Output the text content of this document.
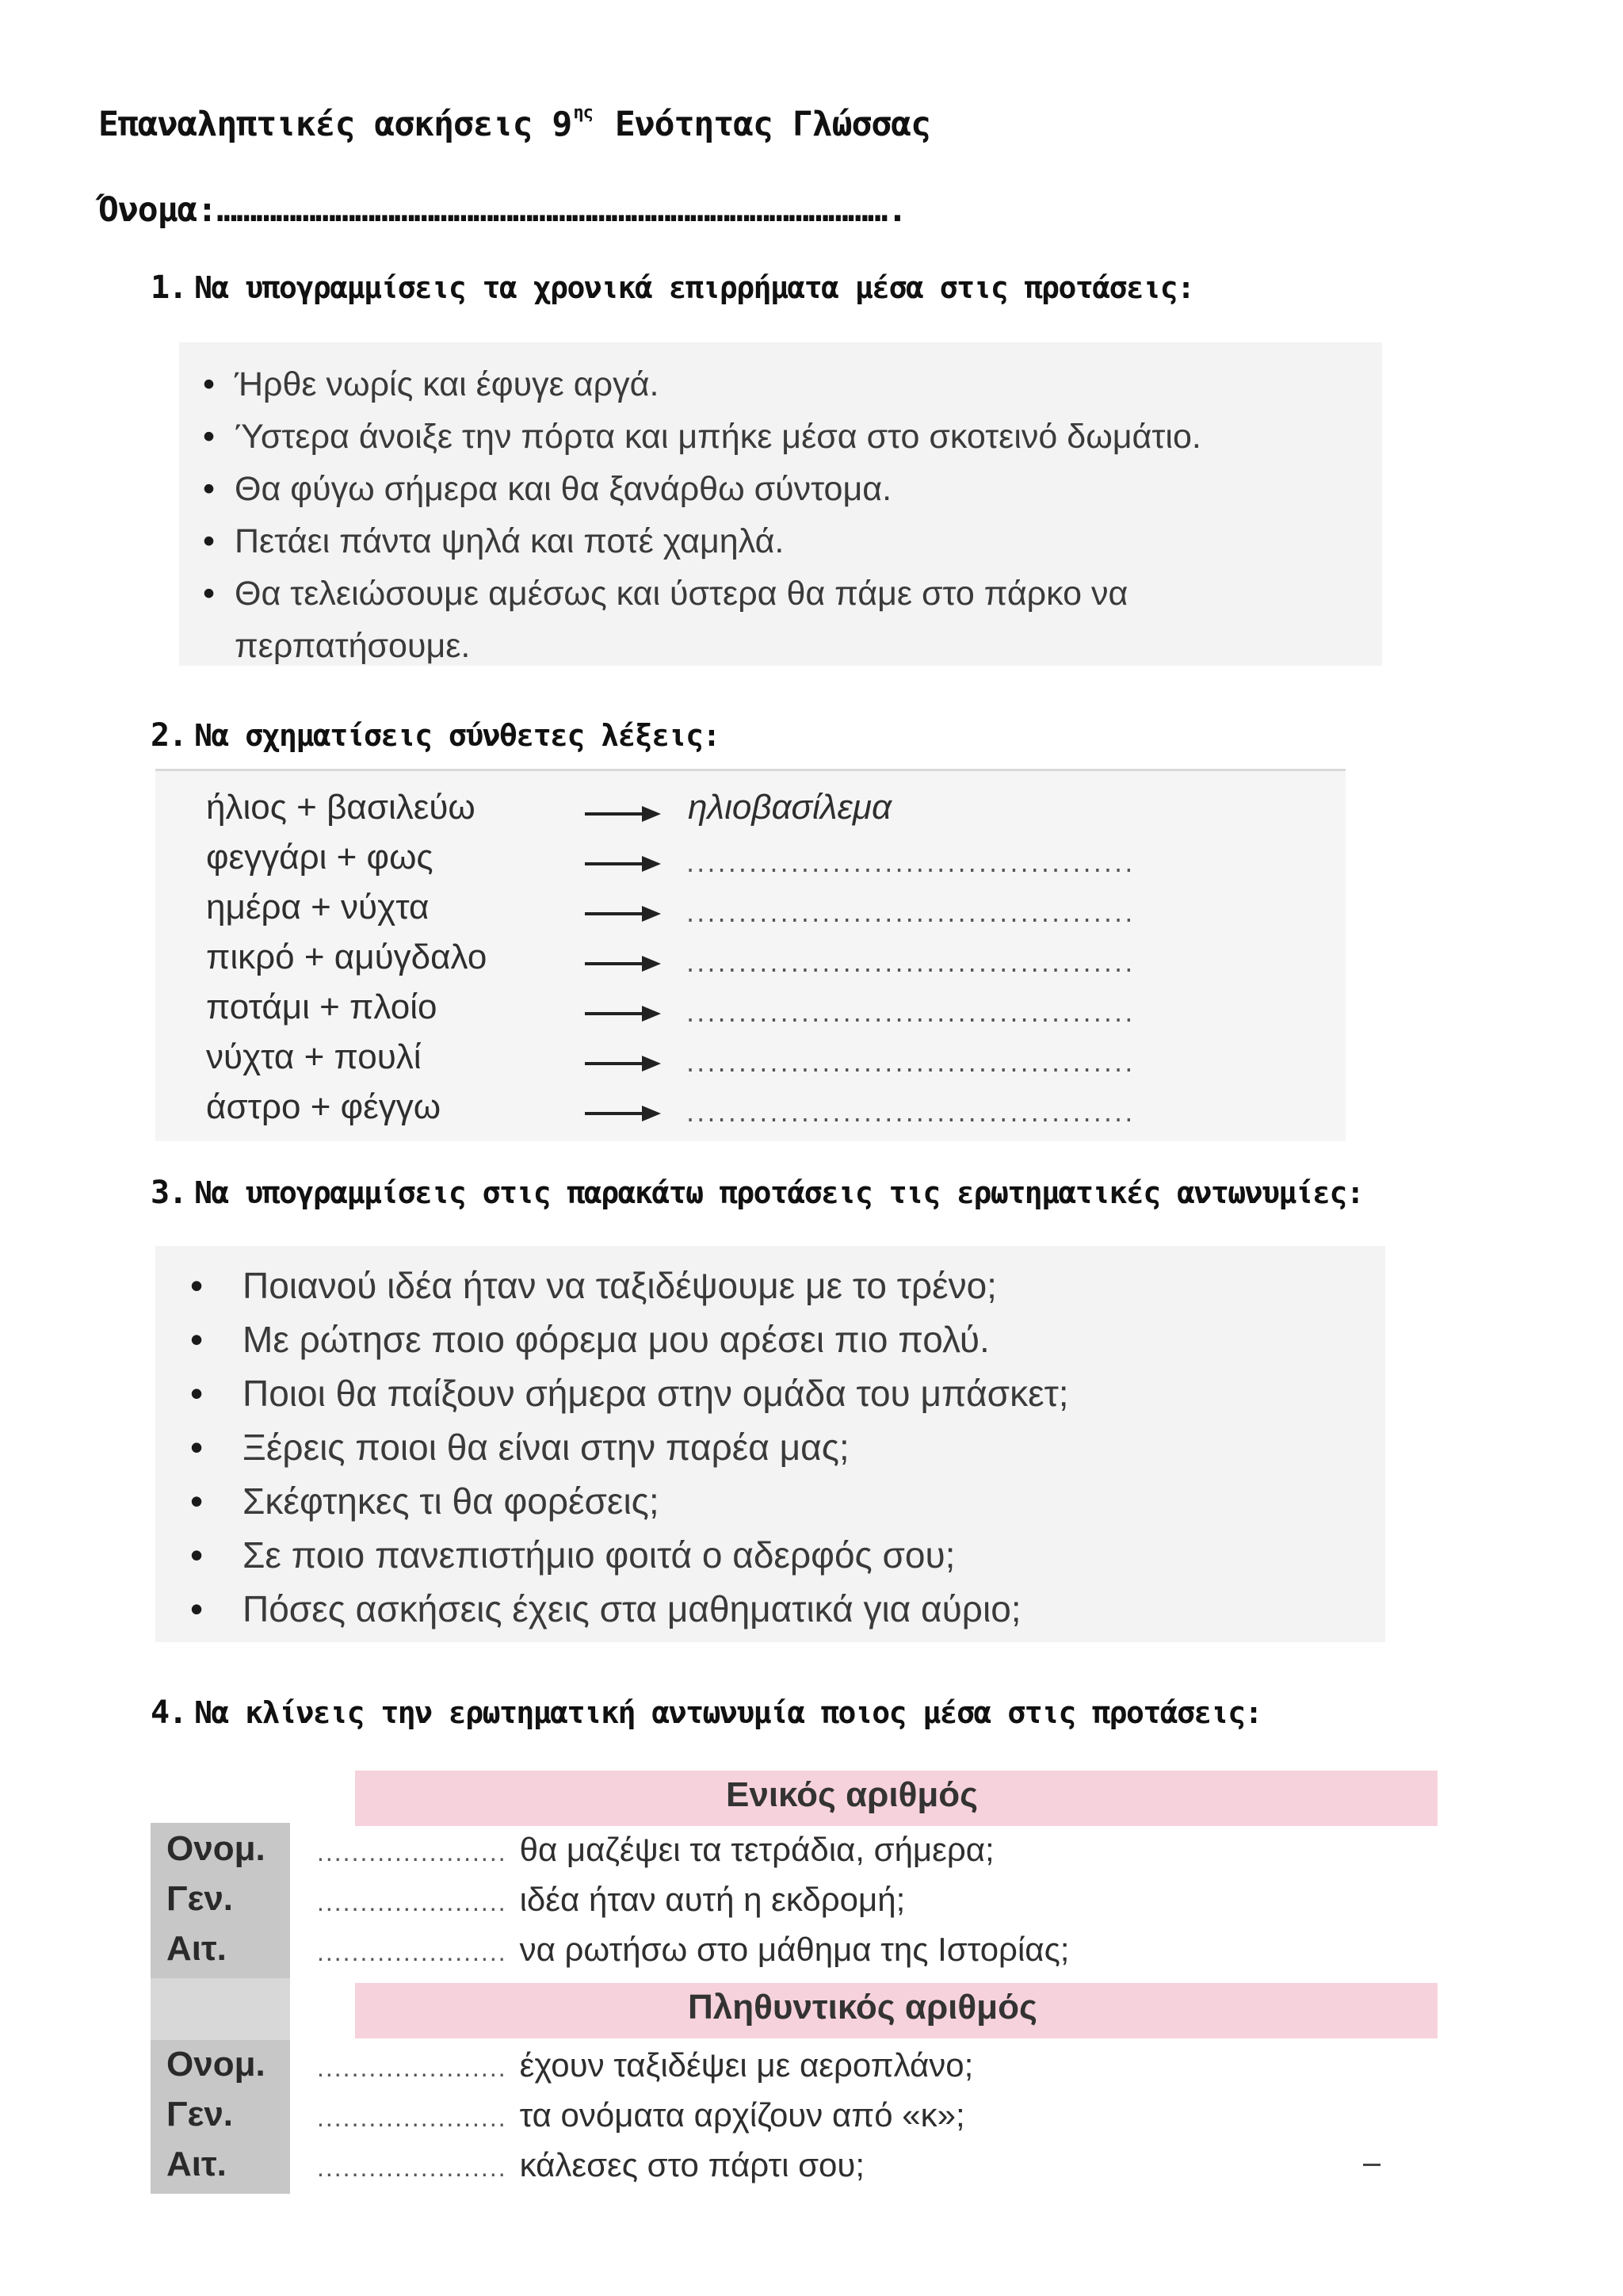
Επαναληπτικές ασκήσεις $9^{\eta\varsigma}$ Ενότητας Γλώσσας
Όνομα:………………………………………………………………………………………….
1. Να υπογραμμίσεις τα χρονικά επιρρήματα μέσα στις προτάσεις:
• Ήρθε νωρίς και έφυγε αργά.
• Ύστερα άνοιξε την πόρτα και μπήκε μέσα στο σκοτεινό δωμάτιο.
• Θα φύγω σήμερα και θα ξανάρθω σύντομα.
• Πετάει πάντα ψηλά και ποτέ χαμηλά.
• Θα τελειώσουμε αμέσως και ύστερα θα πάμε στο πάρκο να
περπατήσουμε.
2. Να σχηματίσεις σύνθετες λέξεις:
ήλιος + βασιλεύω	ηλιοβασίλεμα
φεγγάρι + φως	...........................................
ημέρα + νύχτα	...........................................
πικρό + αμύγδαλο	...........................................
ποτάμι + πλοίο	...........................................
νύχτα + πουλί	...........................................
άστρο + φέγγω	...........................................
3. Να υπογραμμίσεις στις παρακάτω προτάσεις τις ερωτηματικές αντωνυμίες:
• Ποιανού ιδέα ήταν να ταξιδέψουμε με το τρένο;
• Με ρώτησε ποιο φόρεμα μου αρέσει πιο πολύ.
• Ποιοι θα παίξουν σήμερα στην ομάδα του μπάσκετ;
• Ξέρεις ποιοι θα είναι στην παρέα μας;
• Σκέφτηκες τι θα φορέσεις;
• Σε ποιο πανεπιστήμιο φοιτά ο αδερφός σου;
• Πόσες ασκήσεις έχεις στα μαθηματικά για αύριο;
4. Να κλίνεις την ερωτηματική αντωνυμία ποιος μέσα στις προτάσεις:
Ενικός αριθμός
Ονομ. ...................... θα μαζέψει τα τετράδια, σήμερα;
Γεν.	...................... ιδέα ήταν αυτή η εκδρομή;
Αιτ.	...................... να ρωτήσω στο μάθημα της Ιστορίας;
Πληθυντικός αριθμός
Ονομ. ...................... έχουν ταξιδέψει με αεροπλάνο;
Γεν.	...................... τα ονόματα αρχίζουν από «κ»;
Αιτ.	...................... κάλεσες στο πάρτι σου;
